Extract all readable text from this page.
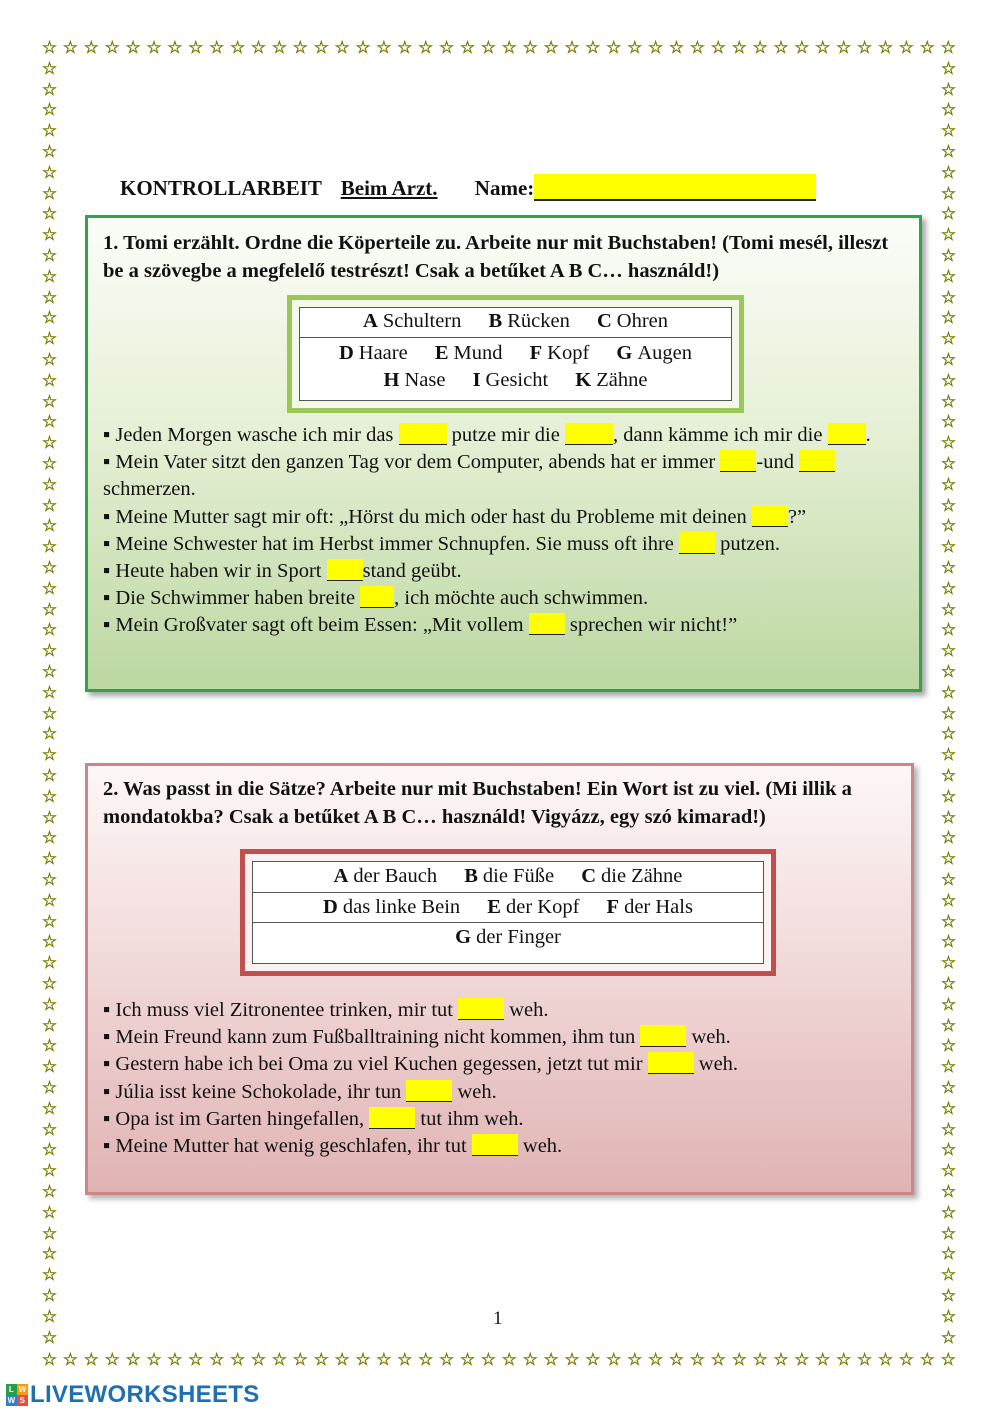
☆ ☆ ☆ ☆ ☆ ☆ ☆ ☆ ☆ ☆ ☆ ☆ ☆ ☆ ☆ ☆ ☆ ☆ ☆ ☆ ☆ ☆ ☆ ☆ ☆ ☆ ☆ ☆ ☆ ☆ ☆ ☆ ☆ ☆ ☆ ☆ ☆ ☆ ☆ ☆ ☆ ☆ ☆ ☆
☆ ☆ ☆ ☆ ☆ ☆ ☆ ☆ ☆ ☆ ☆ ☆ ☆ ☆ ☆ ☆ ☆ ☆ ☆ ☆ ☆ ☆ ☆ ☆ ☆ ☆ ☆ ☆ ☆ ☆ ☆ ☆ ☆ ☆ ☆ ☆ ☆ ☆ ☆ ☆ ☆ ☆ ☆ ☆
☆
☆
☆
☆
☆
☆
☆
☆
☆
☆
☆
☆
☆
☆
☆
☆
☆
☆
☆
☆
☆
☆
☆
☆
☆
☆
☆
☆
☆
☆
☆
☆
☆
☆
☆
☆
☆
☆
☆
☆
☆
☆
☆
☆
☆
☆
☆
☆
☆
☆
☆
☆
☆
☆
☆
☆
☆
☆
☆
☆
☆
☆
☆
☆
☆
☆
☆
☆
☆
☆
☆
☆
☆
☆
☆
☆
☆
☆
☆
☆
☆
☆
☆
☆
☆
☆
☆
☆
☆
☆
☆
☆
☆
☆
☆
☆
☆
☆
☆
☆
☆
☆
☆
☆
☆
☆
☆
☆
☆
☆
☆
☆
☆
☆
☆
☆
☆
☆
☆
☆
☆
☆
☆
☆
KONTROLLARBEIT Beim Arzt. Name:
1. Tomi erzählt. Ordne die Köperteile zu. Arbeite nur mit Buchstaben! (Tomi mesél, illeszt be a szövegbe a megfelelő testrészt! Csak a betűket A B C… használd!)
A Schultern B Rücken C Ohren
D Haare E Mund F Kopf G Augen
H Nase I Gesicht K Zähne
▪ Jeden Morgen wasche ich mir das  putze mir die , dann kämme ich mir die .
▪ Mein Vater sitzt den ganzen Tag vor dem Computer, abends hat er immer -und schmerzen.
▪ Meine Mutter sagt mir oft: „Hörst du mich oder hast du Probleme mit deinen ?”
▪ Meine Schwester hat im Herbst immer Schnupfen. Sie muss oft ihre  putzen.
▪ Heute haben wir in Sport stand geübt.
▪ Die Schwimmer haben breite , ich möchte auch schwimmen.
▪ Mein Großvater sagt oft beim Essen: „Mit vollem  sprechen wir nicht!”
2. Was passt in die Sätze? Arbeite nur mit Buchstaben! Ein Wort ist zu viel. (Mi illik a mondatokba? Csak a betűket A B C… használd! Vigyázz, egy szó kimarad!)
A der Bauch B die Füße C die Zähne
D das linke Bein E der Kopf F der Hals
G der Finger
▪ Ich muss viel Zitronentee trinken, mir tut  weh.
▪ Mein Freund kann zum Fußballtraining nicht kommen, ihm tun  weh.
▪ Gestern habe ich bei Oma zu viel Kuchen gegessen, jetzt tut mir  weh.
▪ Júlia isst keine Schokolade, ihr tun  weh.
▪ Opa ist im Garten hingefallen,  tut ihm weh.
▪ Meine Mutter hat wenig geschlafen, ihr tut  weh.
1
L W
W S LIVEWORKSHEETS
